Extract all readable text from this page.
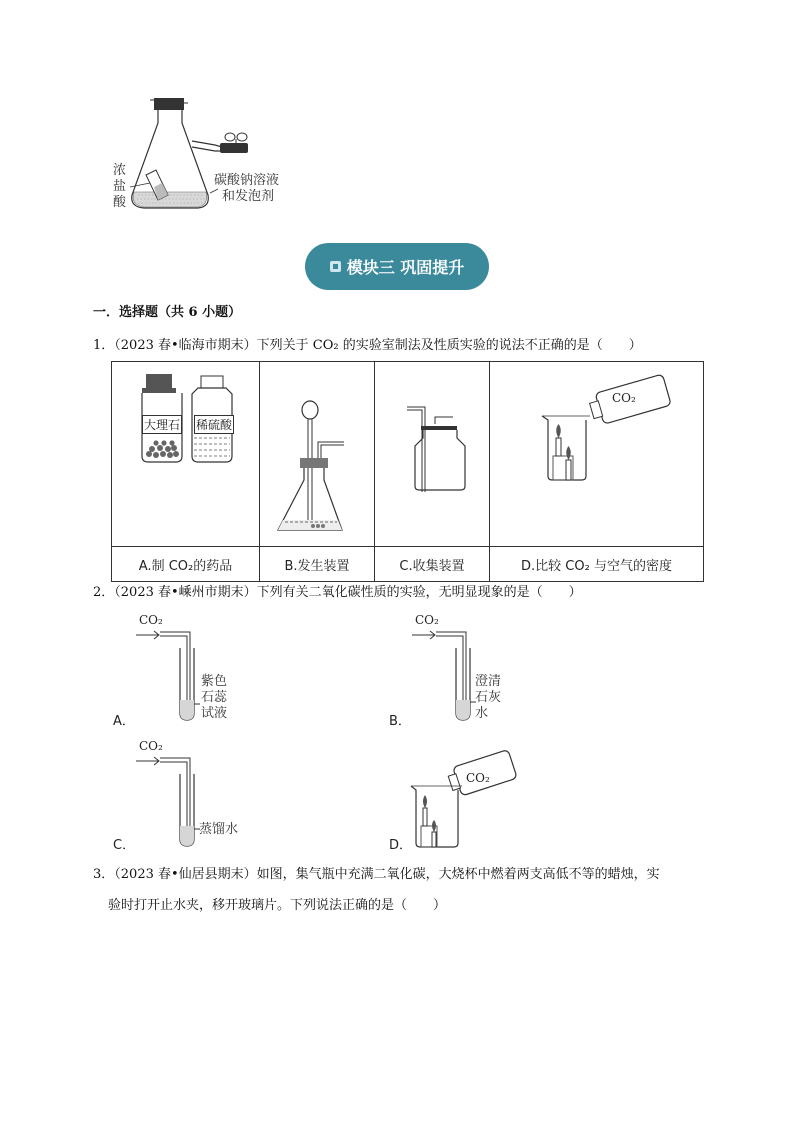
浓
盐
酸
碳酸钠溶液
和发泡剂
模块三 巩固提升
一．选择题（共 6 小题）
1．（2023 春•临海市期末）下列关于 CO₂ 的实验室制法及性质实验的说法不正确的是（　　）
大理石 稀硫酸			CO₂

A.制 CO₂的药品	B.发生装置	C.收集装置	D.比较 CO₂ 与空气的密度
2．（2023 春•嵊州市期末）下列有关二氧化碳性质的实验，无明显现象的是（　　）
CO₂
A．
紫色
石蕊
试液
CO₂
B．
澄清
石灰
水
CO₂
C．
蒸馏水
CO₂
D．
3．（2023 春•仙居县期末）如图，集气瓶中充满二氧化碳，大烧杯中燃着两支高低不等的蜡烛，实
验时打开止水夹，移开玻璃片。下列说法正确的是（　　）
